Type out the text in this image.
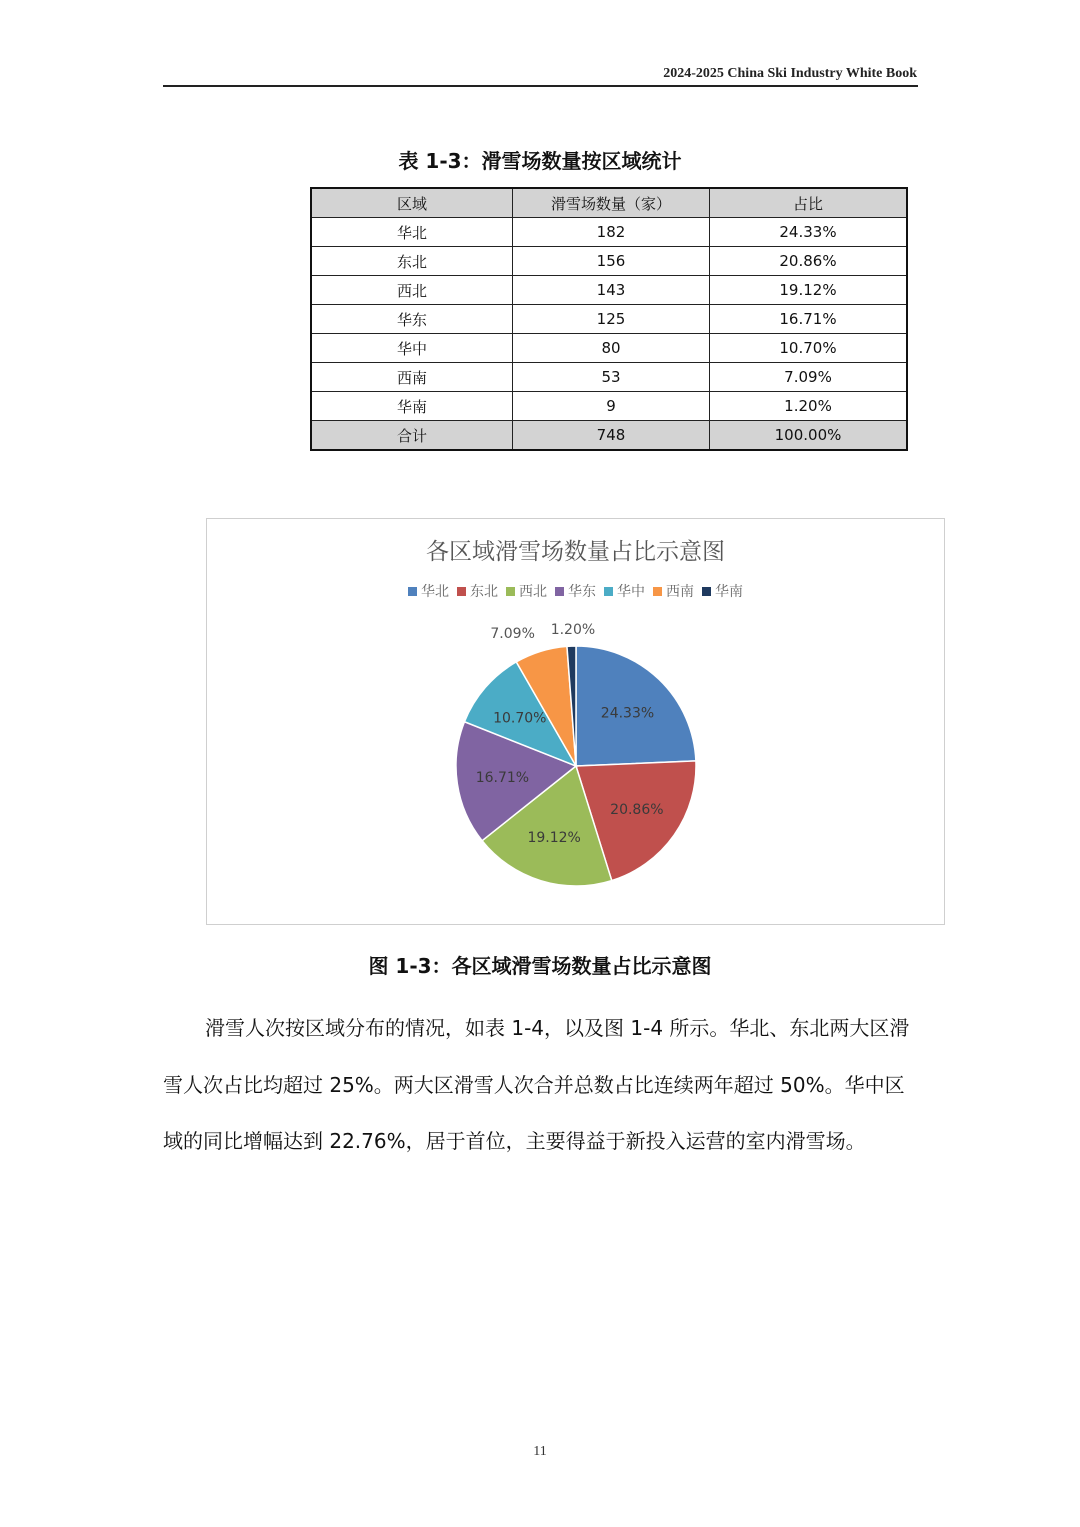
2024-2025 China Ski Industry White Book
表 1-3：滑雪场数量按区域统计
区域	滑雪场数量（家）	占比
华北	182	24.33%
东北	156	20.86%
西北	143	19.12%
华东	125	16.71%
华中	80	10.70%
西南	53	7.09%
华南	9	1.20%
合计	748	100.00%
各区域滑雪场数量占比示意图
华北 东北 西北 华东 华中 西南 华南
24.33%
20.86%
19.12%
16.71%
10.70%
7.09% 1.20%
图 1-3：各区域滑雪场数量占比示意图

滑雪人次按区域分布的情况，如表 1-4，以及图 1-4 所示。华北、东北两大区滑雪人次占比均超过 25%。两大区滑雪人次合并总数占比连续两年超过 50%。华中区域的同比增幅达到 22.76%，居于首位，主要得益于新投入运营的室内滑雪场。

11
